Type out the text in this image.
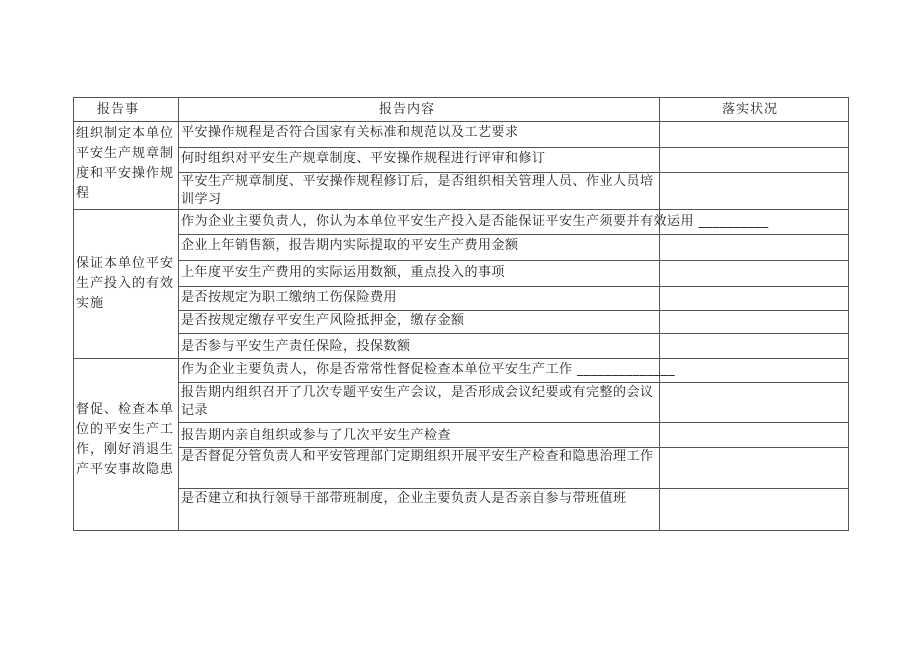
报告事	报告内容	落实状况
组织制定本单位平安生产规章制度和平安操作规程
平安操作规程是否符合国家有关标准和规范以及工艺要求
何时组织对平安生产规章制度、平安操作规程进行评审和修订
平安生产规章制度、平安操作规程修订后，是否组织相关管理人员、作业人员培训学习
保证本单位平安生产投入的有效实施
作为企业主要负责人，你认为本单位平安生产投入是否能保证平安生产须要并有效运用 __________
企业上年销售额，报告期内实际提取的平安生产费用金额
上年度平安生产费用的实际运用数额，重点投入的事项
是否按规定为职工缴纳工伤保险费用
是否按规定缴存平安生产风险抵押金，缴存金额
是否参与平安生产责任保险，投保数额
督促、检查本单位的平安生产工作，刚好消退生产平安事故隐患
作为企业主要负责人，你是否常常性督促检查本单位平安生产工作 ______________
报告期内组织召开了几次专题平安生产会议，是否形成会议纪要或有完整的会议记录
报告期内亲自组织或参与了几次平安生产检查
是否督促分管负责人和平安管理部门定期组织开展平安生产检查和隐患治理工作
是否建立和执行领导干部带班制度，企业主要负责人是否亲自参与带班值班
